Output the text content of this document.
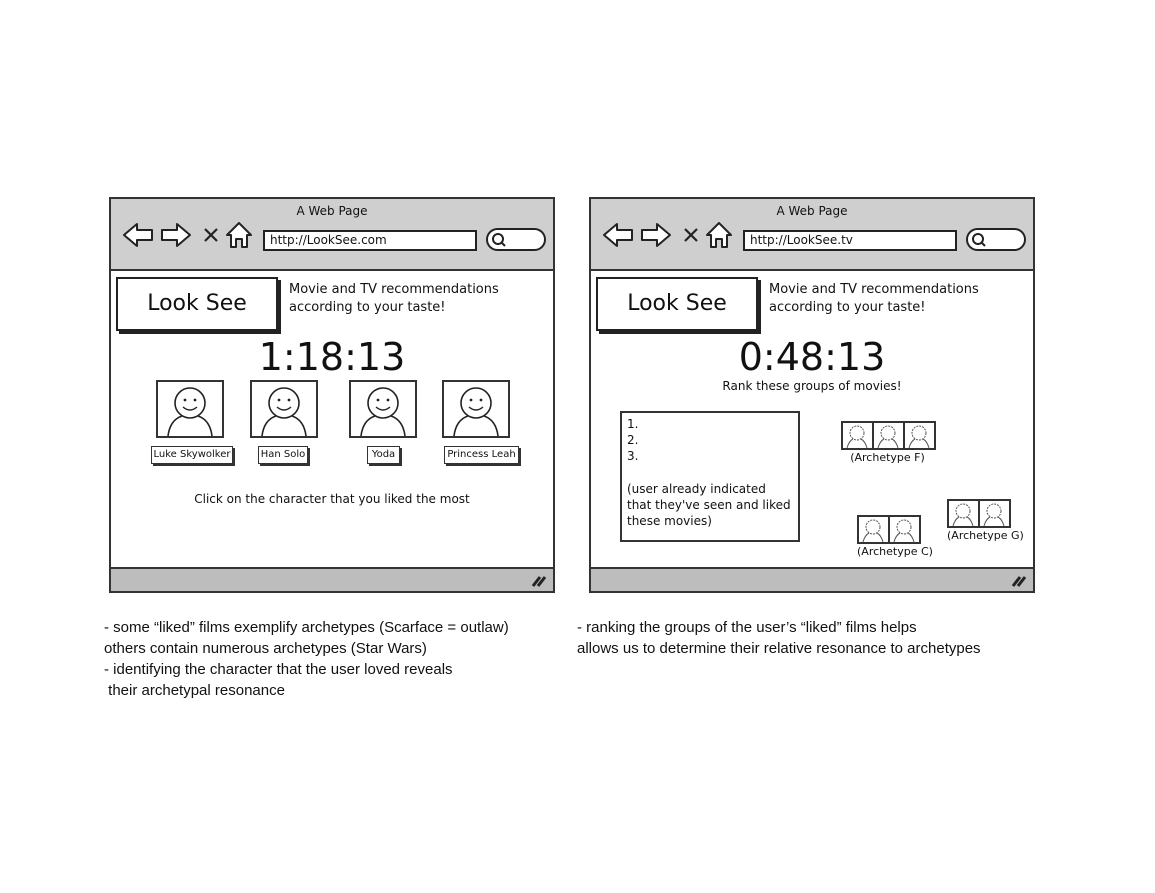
A Web Page
http://LookSee.com
Look See
Movie and TV recommendations
according to your taste!
1:18:13
Luke Skywolker	Han Solo	Yoda	Princess Leah
Click on the character that you liked the most
A Web Page
http://LookSee.tv
Look See
Movie and TV recommendations
according to your taste!
0:48:13
Rank these groups of movies!
1.
2.
3.
(user already indicated that they've seen and liked these movies)
(Archetype F)
(Archetype G)
(Archetype C)
- some “liked” films exemplify archetypes (Scarface = outlaw)
others contain numerous archetypes (Star Wars)
- identifying the character that the user loved reveals
their archetypal resonance
- ranking the groups of the user’s “liked” films helps
allows us to determine their relative resonance to archetypes
